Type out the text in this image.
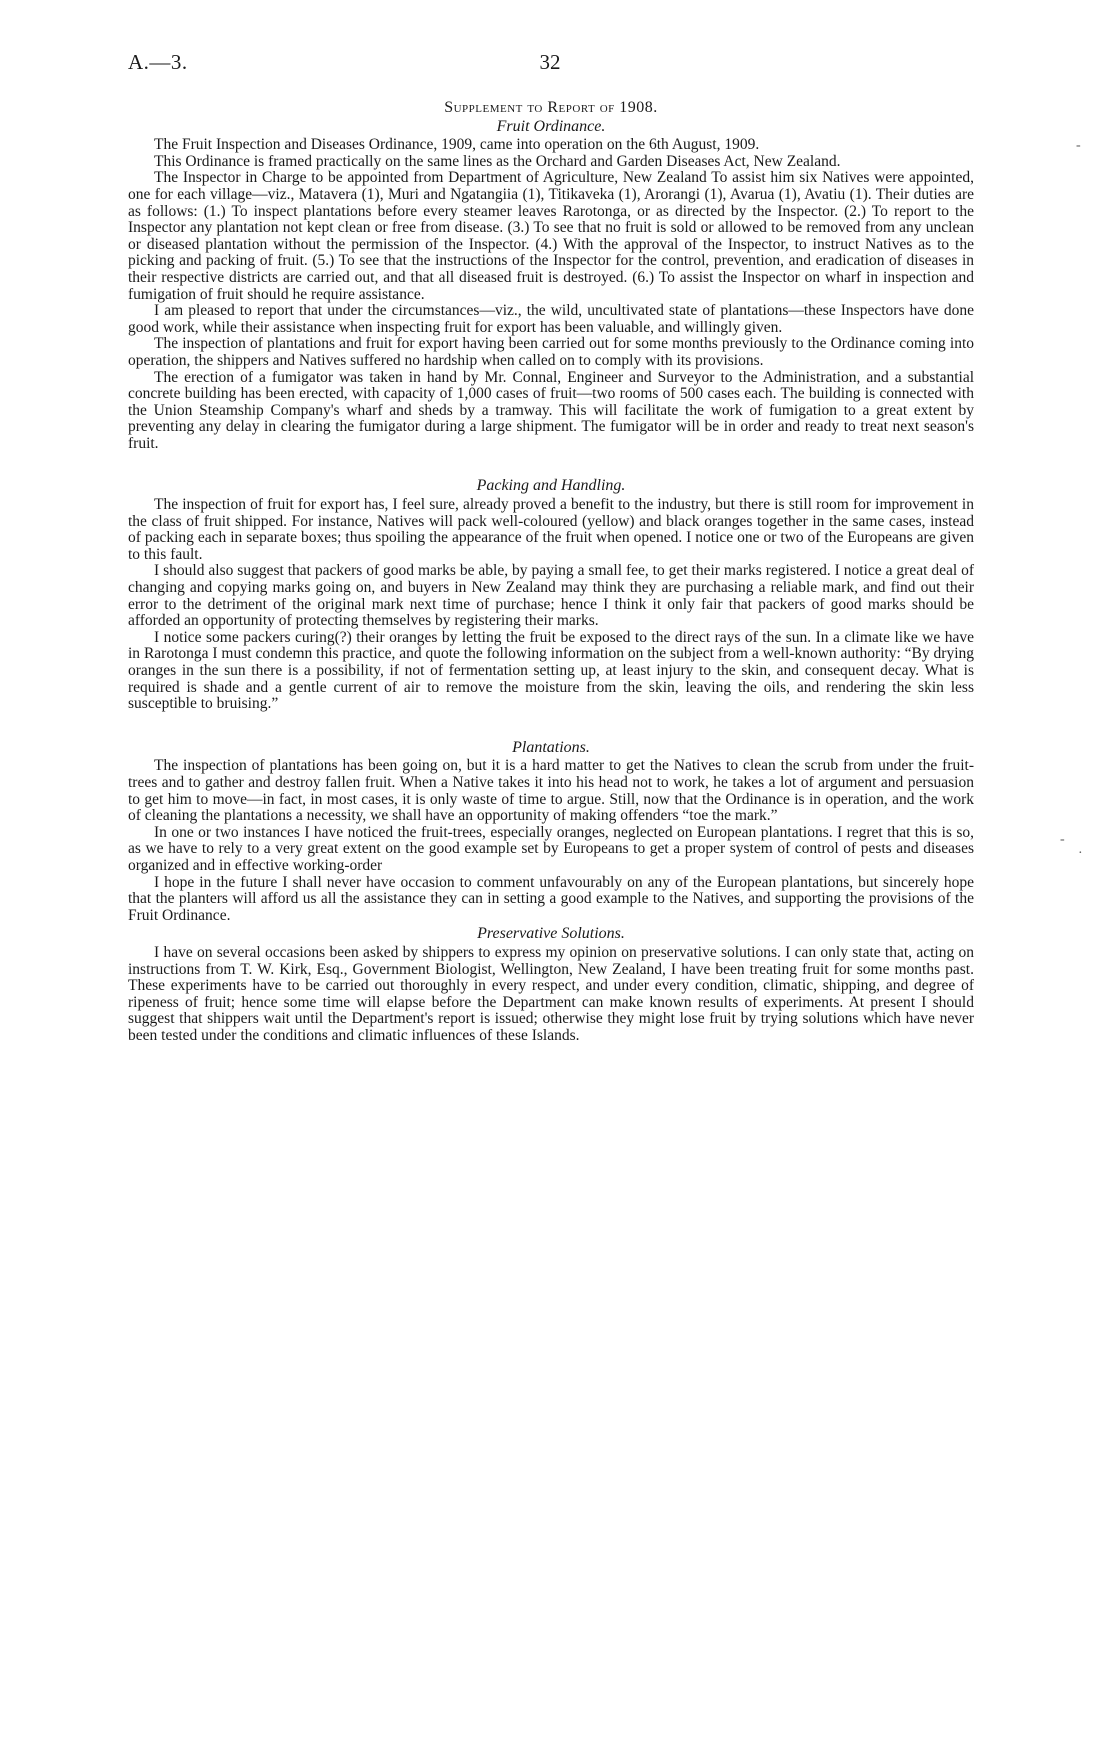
A.—3.	32
Supplement to Report of 1908.
Fruit Ordinance.

The Fruit Inspection and Diseases Ordinance, 1909, came into operation on the 6th August, 1909.

This Ordinance is framed practically on the same lines as the Orchard and Garden Diseases Act, New Zealand.

The Inspector in Charge to be appointed from Department of Agriculture, New Zealand To assist him six Natives were appointed, one for each village—viz., Matavera (1), Muri and Ngatangiia (1), Titikaveka (1), Arorangi (1), Avarua (1), Avatiu (1). Their duties are as follows: (1.) To inspect plantations before every steamer leaves Rarotonga, or as directed by the Inspector. (2.) To report to the Inspector any plantation not kept clean or free from disease. (3.) To see that no fruit is sold or allowed to be removed from any unclean or diseased plantation without the permission of the Inspector. (4.) With the approval of the Inspector, to instruct Natives as to the picking and packing of fruit. (5.) To see that the instructions of the Inspector for the control, prevention, and eradication of diseases in their respective districts are carried out, and that all diseased fruit is destroyed. (6.) To assist the Inspector on wharf in inspection and fumigation of fruit should he require assistance.

I am pleased to report that under the circumstances—viz., the wild, uncultivated state of plantations—these Inspectors have done good work, while their assistance when inspecting fruit for export has been valuable, and willingly given.

The inspection of plantations and fruit for export having been carried out for some months previously to the Ordinance coming into operation, the shippers and Natives suffered no hardship when called on to comply with its provisions.

The erection of a fumigator was taken in hand by Mr. Connal, Engineer and Surveyor to the Administration, and a substantial concrete building has been erected, with capacity of 1,000 cases of fruit—two rooms of 500 cases each. The building is connected with the Union Steamship Company's wharf and sheds by a tramway. This will facilitate the work of fumigation to a great extent by preventing any delay in clearing the fumigator during a large shipment. The fumigator will be in order and ready to treat next season's fruit.

Packing and Handling.

The inspection of fruit for export has, I feel sure, already proved a benefit to the industry, but there is still room for improvement in the class of fruit shipped. For instance, Natives will pack well-coloured (yellow) and black oranges together in the same cases, instead of packing each in separate boxes; thus spoiling the appearance of the fruit when opened. I notice one or two of the Europeans are given to this fault.

I should also suggest that packers of good marks be able, by paying a small fee, to get their marks registered. I notice a great deal of changing and copying marks going on, and buyers in New Zealand may think they are purchasing a reliable mark, and find out their error to the detriment of the original mark next time of purchase; hence I think it only fair that packers of good marks should be afforded an opportunity of protecting themselves by registering their marks.

I notice some packers curing(?) their oranges by letting the fruit be exposed to the direct rays of the sun. In a climate like we have in Rarotonga I must condemn this practice, and quote the following information on the subject from a well-known authority: “By drying oranges in the sun there is a possibility, if not of fermentation setting up, at least injury to the skin, and consequent decay. What is required is shade and a gentle current of air to remove the moisture from the skin, leaving the oils, and rendering the skin less susceptible to bruising.”

Plantations.

The inspection of plantations has been going on, but it is a hard matter to get the Natives to clean the scrub from under the fruit-trees and to gather and destroy fallen fruit. When a Native takes it into his head not to work, he takes a lot of argument and persuasion to get him to move—in fact, in most cases, it is only waste of time to argue. Still, now that the Ordinance is in operation, and the work of cleaning the plantations a necessity, we shall have an opportunity of making offenders “toe the mark.”

In one or two instances I have noticed the fruit-trees, especially oranges, neglected on European plantations. I regret that this is so, as we have to rely to a very great extent on the good example set by Europeans to get a proper system of control of pests and diseases organized and in effective working-order

I hope in the future I shall never have occasion to comment unfavourably on any of the European plantations, but sincerely hope that the planters will afford us all the assistance they can in setting a good example to the Natives, and supporting the provisions of the Fruit Ordinance.

Preservative Solutions.

I have on several occasions been asked by shippers to express my opinion on preservative solutions. I can only state that, acting on instructions from T. W. Kirk, Esq., Government Biologist, Wellington, New Zealand, I have been treating fruit for some months past. These experiments have to be carried out thoroughly in every respect, and under every condition, climatic, shipping, and degree of ripeness of fruit; hence some time will elapse before the Department can make known results of experiments. At present I should suggest that shippers wait until the Department's report is issued; otherwise they might lose fruit by trying solutions which have never been tested under the conditions and climatic influences of these Islands.

‐
-
·
